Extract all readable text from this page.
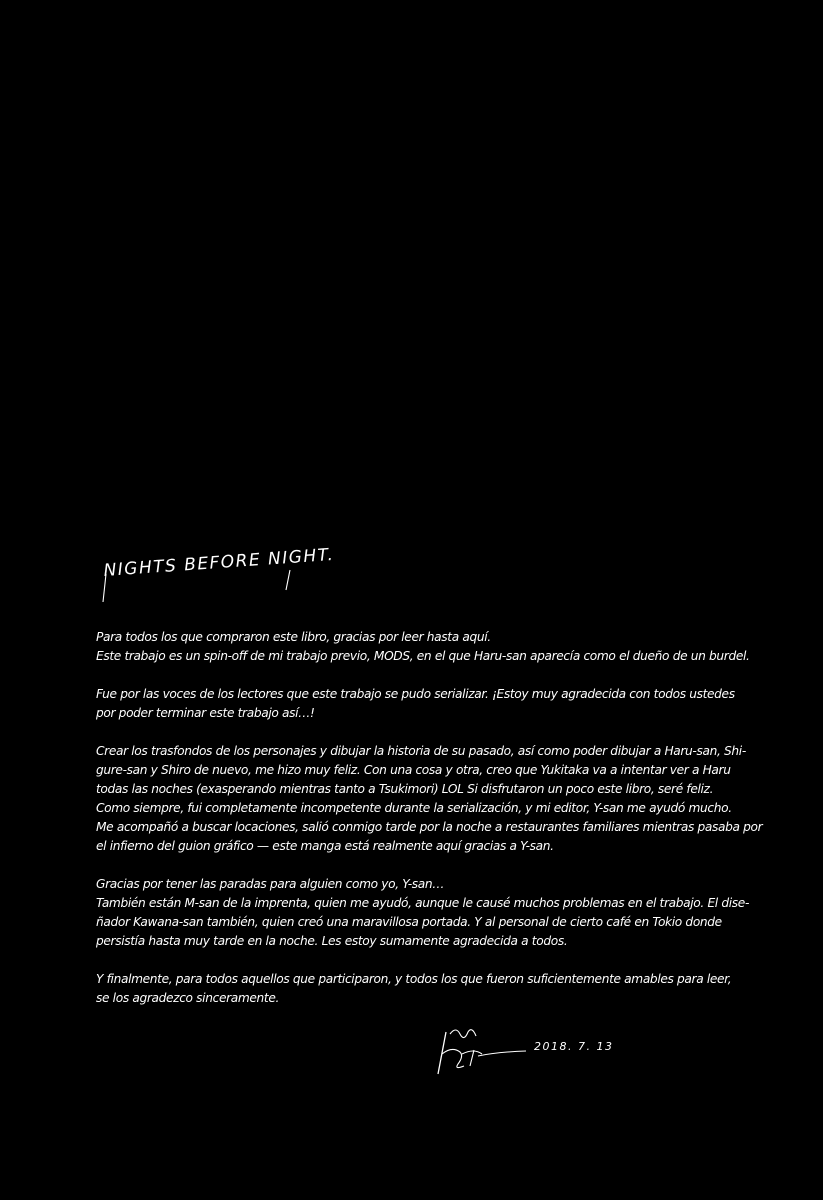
NIGHTS BEFORE NIGHT.

Para todos los que compraron este libro, gracias por leer hasta aquí.
Este trabajo es un spin-off de mi trabajo previo, MODS, en el que Haru-san aparecía como el dueño de un burdel.

Fue por las voces de los lectores que este trabajo se pudo serializar. ¡Estoy muy agradecida con todos ustedes
por poder terminar este trabajo así…!

Crear los trasfondos de los personajes y dibujar la historia de su pasado, así como poder dibujar a Haru-san, Shi-
gure-san y Shiro de nuevo, me hizo muy feliz. Con una cosa y otra, creo que Yukitaka va a intentar ver a Haru
todas las noches (exasperando mientras tanto a Tsukimori) LOL Si disfrutaron un poco este libro, seré feliz.
Como siempre, fui completamente incompetente durante la serialización, y mi editor, Y-san me ayudó mucho.
Me acompañó a buscar locaciones, salió conmigo tarde por la noche a restaurantes familiares mientras pasaba por
el infierno del guion gráfico — este manga está realmente aquí gracias a Y-san.

Gracias por tener las paradas para alguien como yo, Y-san…
También están M-san de la imprenta, quien me ayudó, aunque le causé muchos problemas en el trabajo. El dise-
ñador Kawana-san también, quien creó una maravillosa portada. Y al personal de cierto café en Tokio donde
persistía hasta muy tarde en la noche. Les estoy sumamente agradecida a todos.

Y finalmente, para todos aquellos que participaron, y todos los que fueron suficientemente amables para leer,
se los agradezco sinceramente.

2018. 7. 13
